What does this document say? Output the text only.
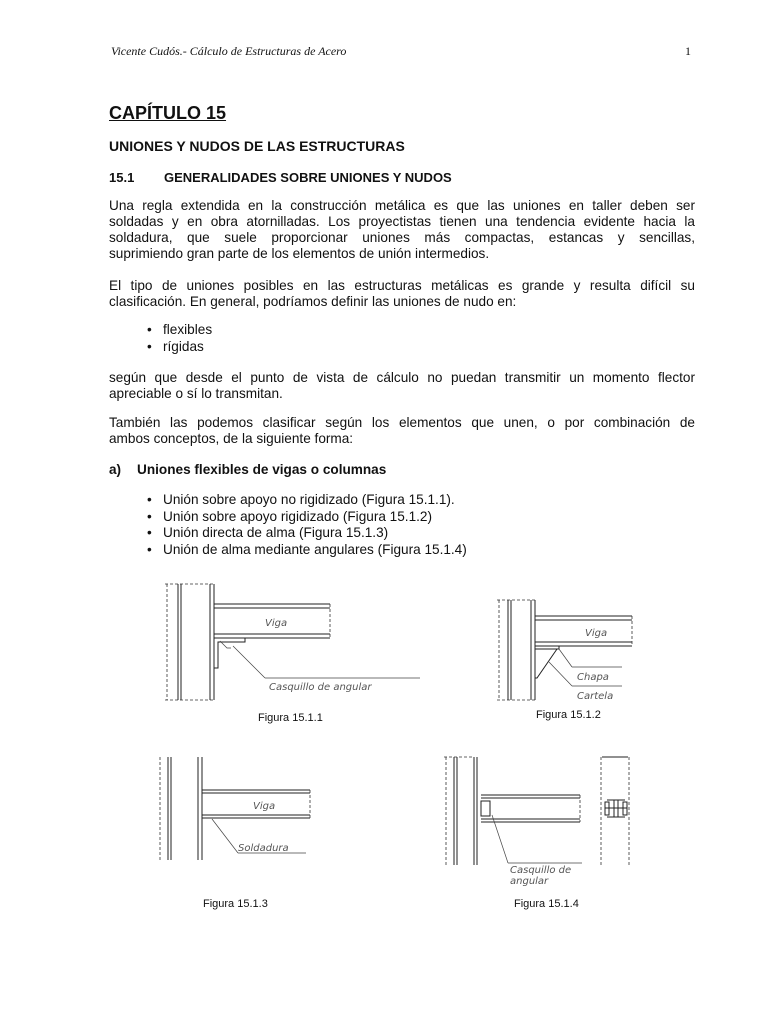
Vicente Cudós.- Cálculo de Estructuras de Acero	1
CAPÍTULO 15
UNIONES Y NUDOS DE LAS ESTRUCTURAS
15.1 GENERALIDADES SOBRE UNIONES Y NUDOS
Una regla extendida en la construcción metálica es que las uniones en taller deben ser
soldadas y en obra atornilladas. Los proyectistas tienen una tendencia evidente hacia la
soldadura, que suele proporcionar uniones más compactas, estancas y sencillas,
suprimiendo gran parte de los elementos de unión intermedios.
El tipo de uniones posibles en las estructuras metálicas es grande y resulta difícil su
clasificación. En general, podríamos definir las uniones de nudo en:
• flexibles
• rígidas
según que desde el punto de vista de cálculo no puedan transmitir un momento flector
apreciable o sí lo transmitan.
También las podemos clasificar según los elementos que unen, o por combinación de
ambos conceptos, de la siguiente forma:
a) Uniones flexibles de vigas o columnas
• Unión sobre apoyo no rigidizado (Figura 15.1.1).
• Unión sobre apoyo rigidizado (Figura 15.1.2)
• Unión directa de alma (Figura 15.1.3)
• Unión de alma mediante angulares (Figura 15.1.4)
Viga
Casquillo de angular
Figura 15.1.1
Viga
Chapa
Cartela
Figura 15.1.2
Viga
Soldadura
Figura 15.1.3
Casquillo de
angular
Figura 15.1.4
